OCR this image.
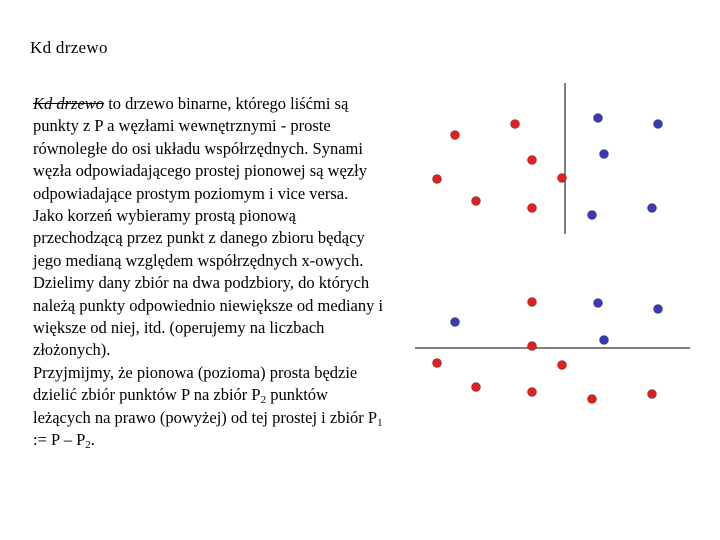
Kd drzewo

Kd drzewo to drzewo binarne, którego liśćmi są punkty z P a węzłami wewnętrznymi - proste równoległe do osi układu współrzędnych. Synami węzła odpowiadającego prostej pionowej są węzły odpowiadające prostym poziomym i vice versa.

Jako korzeń wybieramy prostą pionową przechodzącą przez punkt z danego zbioru będący jego medianą względem współrzędnych x-owych. Dzielimy dany zbiór na dwa podzbiory, do których należą punkty odpowiednio niewiększe od mediany i większe od niej, itd. (operujemy na liczbach złożonych).

Przyjmijmy, że pionowa (pozioma) prosta będzie dzielić zbiór punktów P na zbiór $P_2$ punktów leżących na prawo (powyżej) od tej prostej i zbiór $P_1$ := P – $P_2$.
